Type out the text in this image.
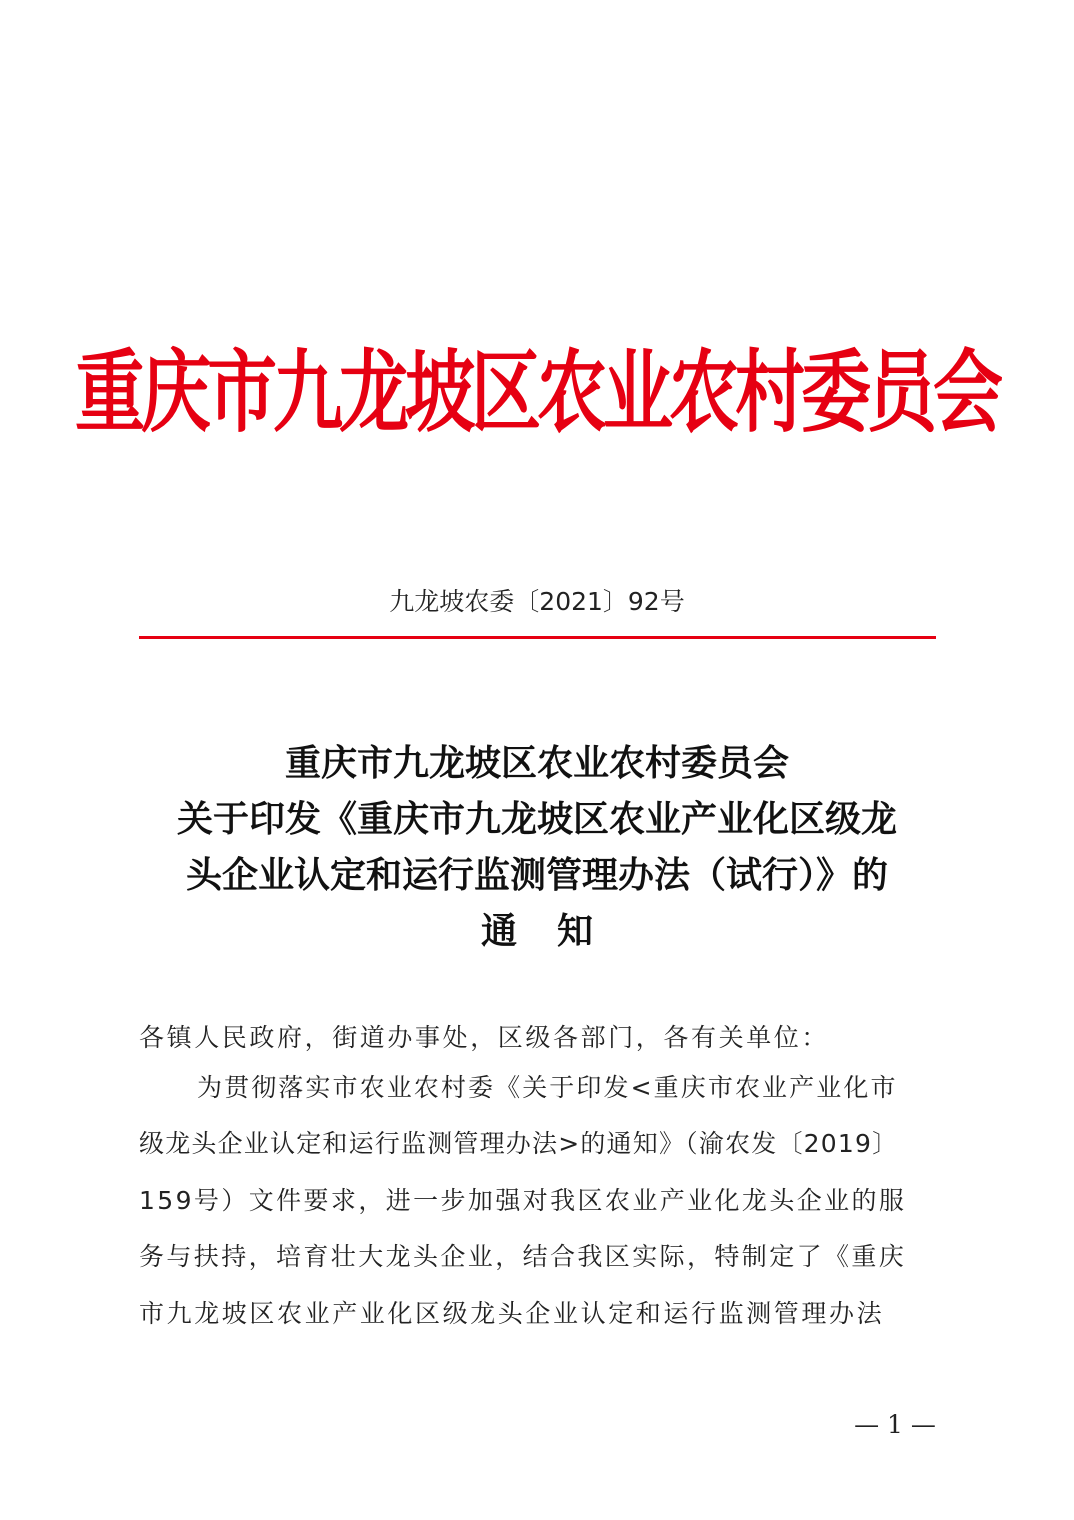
重庆市九龙坡区农业农村委员会
九龙坡农委〔2021〕92号
重庆市九龙坡区农业农村委员会
关于印发《重庆市九龙坡区农业产业化区级龙
头企业认定和运行监测管理办法（试行）》的
通知
各镇人民政府，街道办事处，区级各部门，各有关单位：
为贯彻落实市农业农村委《关于印发<重庆市农业产业化市
级龙头企业认定和运行监测管理办法>的通知》（渝农发〔2019〕
159号）文件要求，进一步加强对我区农业产业化龙头企业的服
务与扶持，培育壮大龙头企业，结合我区实际，特制定了《重庆
市九龙坡区农业产业化区级龙头企业认定和运行监测管理办法
— 1 —
